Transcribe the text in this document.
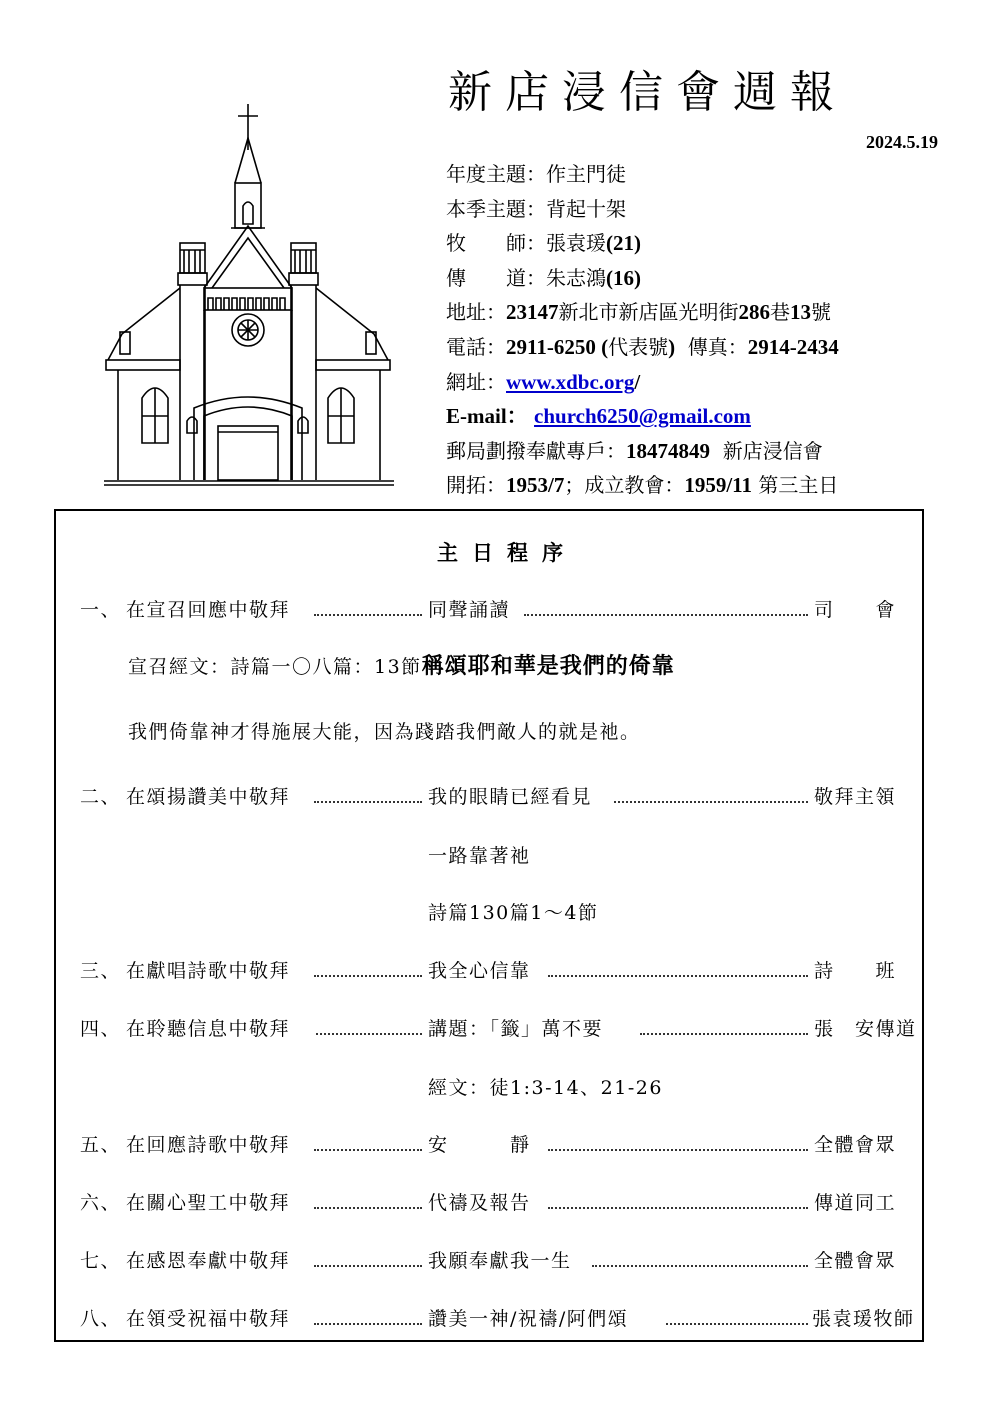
新店浸信會週報
2024.5.19
年度主題：作主門徒
本季主題：背起十架
牧　　師：張袁瑗(21)
傳　　道：朱志鴻(16)
地址：23147新北市新店區光明街286巷13號
電話：2911-6250 (代表號) 傳真：2914-2434
網址：www.xdbc.org/
E-mail： church6250@gmail.com
郵局劃撥奉獻專戶：18474849 新店浸信會
開拓：1953/7；成立教會：1959/11 第三主日
主日程序
一、 在宣召回應中敬拜	同聲誦讀	司　　會
宣召經文：詩篇一〇八篇：13節稱頌耶和華是我們的倚靠
我們倚靠神才得施展大能，因為踐踏我們敵人的就是祂。
二、 在頌揚讚美中敬拜	我的眼睛已經看見	敬拜主領
一路靠著祂
詩篇130篇1～4節
三、 在獻唱詩歌中敬拜	我全心信靠	詩　　班
四、 在聆聽信息中敬拜	講題：「籤」萬不要	張　安傳道
經文：徒1:3-14、21-26
五、 在回應詩歌中敬拜	安　　　靜	全體會眾
六、 在關心聖工中敬拜	代禱及報告	傳道同工
七、 在感恩奉獻中敬拜	我願奉獻我一生	全體會眾
八、 在領受祝福中敬拜	讚美一神/祝禱/阿們頌	張袁瑗牧師
